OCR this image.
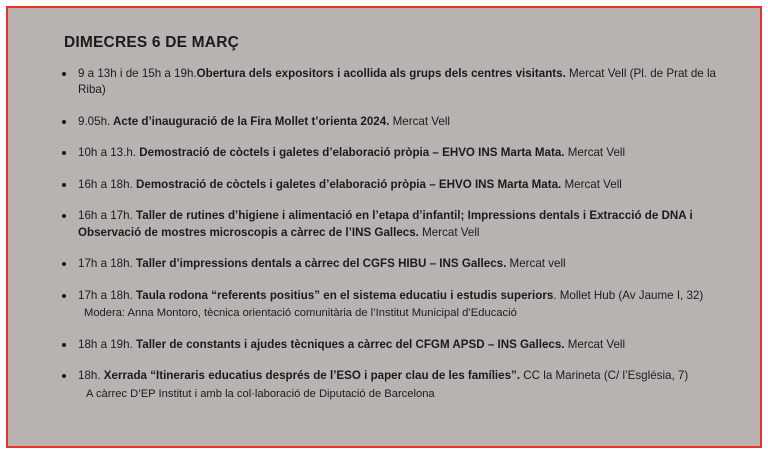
DIMECRES 6 DE MARÇ
9 a 13h i de 15h a 19h.Obertura dels expositors i acollida als grups dels centres visitants. Mercat Vell (Pl. de Prat de la Riba)
9.05h. Acte d’inauguració de la Fira Mollet t’orienta 2024. Mercat Vell
10h a 13.h. Demostració de còctels i galetes d’elaboració pròpia – EHVO INS Marta Mata. Mercat Vell
16h a 18h. Demostració de còctels i galetes d’elaboració pròpia – EHVO INS Marta Mata. Mercat Vell
16h a 17h. Taller de rutines d’higiene i alimentació en l’etapa d’infantil; Impressions dentals i Extracció de DNA i Observació de mostres microscopis a càrrec de l’INS Gallecs. Mercat Vell
17h a 18h. Taller d’impressions dentals a càrrec del CGFS HIBU – INS Gallecs. Mercat vell
17h a 18h. Taula rodona “referents positius” en el sistema educatiu i estudis superiors. Mollet Hub (Av Jaume I, 32)
Modera: Anna Montoro, tècnica orientació comunitària de l’Institut Municipal d’Educació
18h a 19h. Taller de constants i ajudes tècniques a càrrec del CFGM APSD – INS Gallecs. Mercat Vell
18h. Xerrada “Itineraris educatius després de l’ESO i paper clau de les famílies”. CC la Marineta (C/ l’Església, 7)
A càrrec D’EP Institut i amb la col·laboració de Diputació de Barcelona
